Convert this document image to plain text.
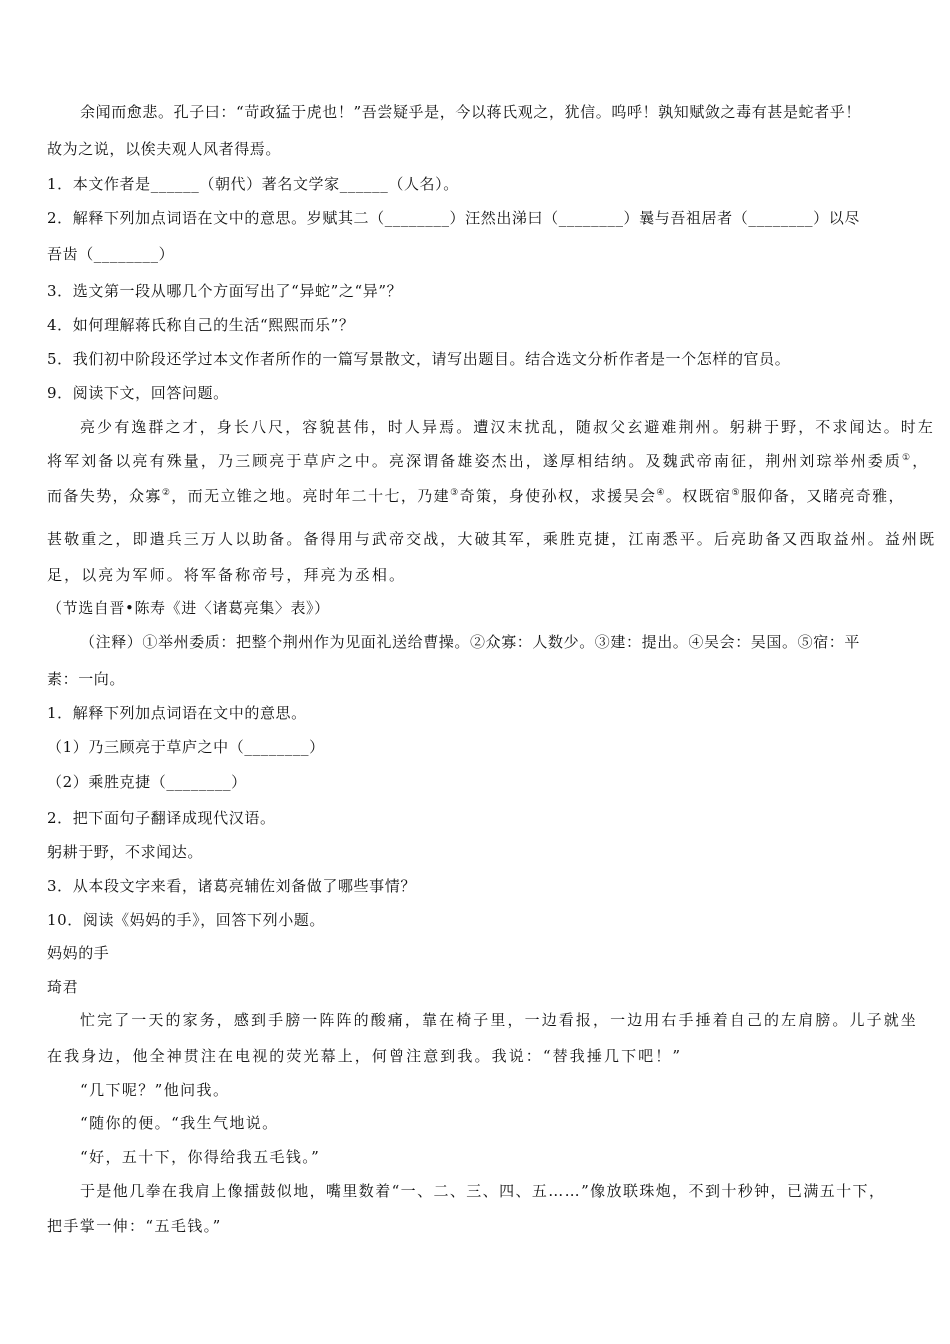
余闻而愈悲。孔子曰：“苛政猛于虎也！”吾尝疑乎是，今以蒋氏观之，犹信。呜呼！孰知赋敛之毒有甚是蛇者乎！
故为之说，以俟夫观人风者得焉。
1．本文作者是______（朝代）著名文学家______（人名）。
2．解释下列加点词语在文中的意思。岁赋其二（________）汪然出涕曰（________）曩与吾祖居者（________）以尽
吾齿（________）
3．选文第一段从哪几个方面写出了“异蛇”之“异”？
4．如何理解蒋氏称自己的生活“熙熙而乐”？
5．我们初中阶段还学过本文作者所作的一篇写景散文，请写出题目。结合选文分析作者是一个怎样的官员。
9．阅读下文，回答问题。
亮少有逸群之才，身长八尺，容貌甚伟，时人异焉。遭汉末扰乱，随叔父玄避难荆州。躬耕于野，不求闻达。时左
将军刘备以亮有殊量，乃三顾亮于草庐之中。亮深谓备雄姿杰出，遂厚相结纳。及魏武帝南征，荆州刘琮举州委质①，
而备失势，众寡②，而无立锥之地。亮时年二十七，乃建③奇策，身使孙权，求援吴会④。权既宿⑤服仰备，又睹亮奇雅，
甚敬重之，即遣兵三万人以助备。备得用与武帝交战，大破其军，乘胜克捷，江南悉平。后亮助备又西取益州。益州既
足，以亮为军师。将军备称帝号，拜亮为丞相。
（节选自晋•陈寿《进〈诸葛亮集〉表》）
（注释）①举州委质：把整个荆州作为见面礼送给曹操。②众寡：人数少。③建：提出。④吴会：吴国。⑤宿：平
素：一向。
1．解释下列加点词语在文中的意思。
（1）乃三顾亮于草庐之中（________）
（2）乘胜克捷（________）
2．把下面句子翻译成现代汉语。
躬耕于野，不求闻达。
3．从本段文字来看，诸葛亮辅佐刘备做了哪些事情？
10．阅读《妈妈的手》，回答下列小题。
妈妈的手
琦君
忙完了一天的家务，感到手膀一阵阵的酸痛，靠在椅子里，一边看报，一边用右手捶着自己的左肩膀。儿子就坐
在我身边，他全神贯注在电视的荧光幕上，何曾注意到我。我说：“替我捶几下吧！”
“几下呢？”他问我。
“随你的便。“我生气地说。
“好，五十下，你得给我五毛钱。”
于是他几拳在我肩上像擂鼓似地，嘴里数着“一、二、三、四、五……”像放联珠炮，不到十秒钟，已满五十下，
把手掌一伸：“五毛钱。”
